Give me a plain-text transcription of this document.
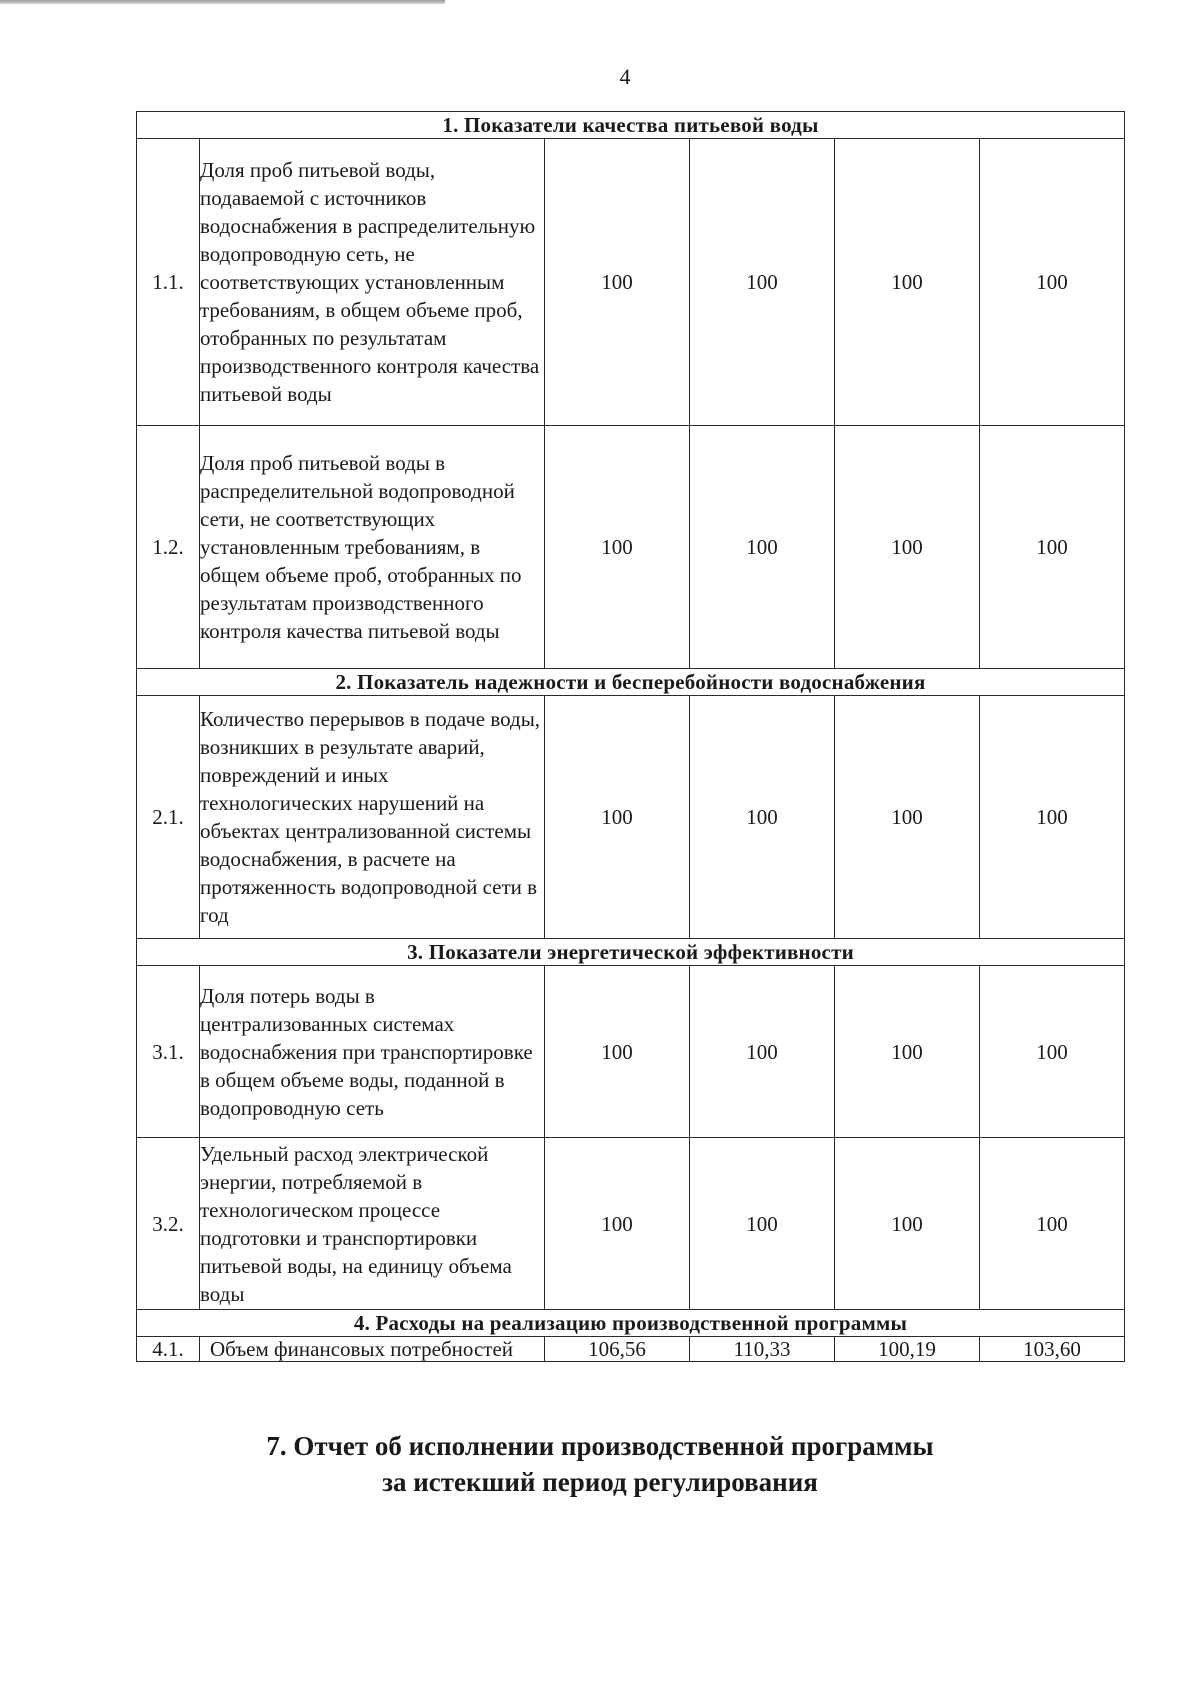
4
1. Показатели качества питьевой воды					
1.1.	Доля проб питьевой воды, подаваемой с источников водоснабжения в распределительную водопроводную сеть, не соответствующих установленным требованиям, в общем объеме проб, отобранных по результатам производственного контроля качества питьевой воды	100	100	100	100
1.2.	Доля проб питьевой воды в распределительной водопроводной сети, не соответствующих установленным требованиям, в общем объеме проб, отобранных по результатам производственного контроля качества питьевой воды	100	100	100	100
2. Показатель надежности и бесперебойности водоснабжения					
2.1.	Количество перерывов в подаче воды, возникших в результате аварий, повреждений и иных технологических нарушений на объектах централизованной системы водоснабжения, в расчете на протяженность водопроводной сети в год	100	100	100	100
3. Показатели энергетической эффективности					
3.1.	Доля потерь воды в централизованных системах водоснабжения при транспортировке в общем объеме воды, поданной в водопроводную сеть	100	100	100	100
3.2.	Удельный расход электрической энергии, потребляемой в технологическом процессе подготовки и транспортировки питьевой воды, на единицу объема воды	100	100	100	100
4. Расходы на реализацию производственной программы					
4.1.	Объем финансовых потребностей	106,56	110,33	100,19	103,60
7. Отчет об исполнении производственной программы
за истекший период регулирования
